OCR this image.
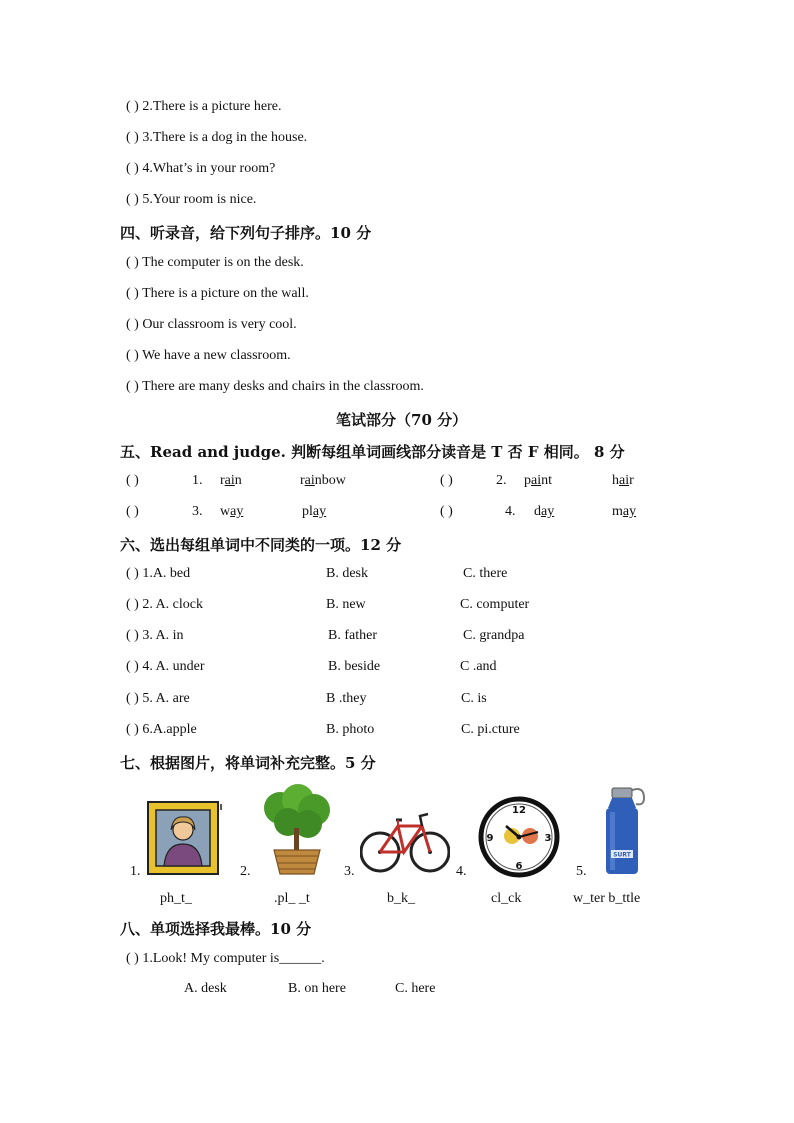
( ) 2.There is a picture here.
( ) 3.There is a dog in the house.
( ) 4.What’s in your room?
( ) 5.Your room is nice.
四、听录音，给下列句子排序。10 分
( ) The computer is on the desk.
( ) There is a picture on the wall.
( ) Our classroom is very cool.
( ) We have a new classroom.
( ) There are many desks and chairs in the classroom.
笔试部分（70 分）
五、Read and judge. 判断每组单词画线部分读音是 T 否 F 相同。 8 分
( )	1. rain	rainbow	( )	2. paint	hair
( )	3. way	play	( )	4. day	may
六、选出每组单词中不同类的一项。12 分
( ) 1.A. bed	B. desk	C. there
( ) 2. A. clock	B. new	C. computer
( ) 3. A. in	B. father	C. grandpa
( ) 4. A. under	B. beside	C .and
( ) 5. A. are	B .they	C. is
( ) 6.A.apple	B. photo	C. pi.cture
七、根据图片，将单词补充完整。5 分
12
3
6
9
SURT
1.	2.	3.	4.	5.
ph_t_	.pl_ _t	b_k_	cl_ck	w_ter b_ttle
八、单项选择我最棒。10 分
( ) 1.Look! My computer is______.
A. desk	B. on here	C. here
